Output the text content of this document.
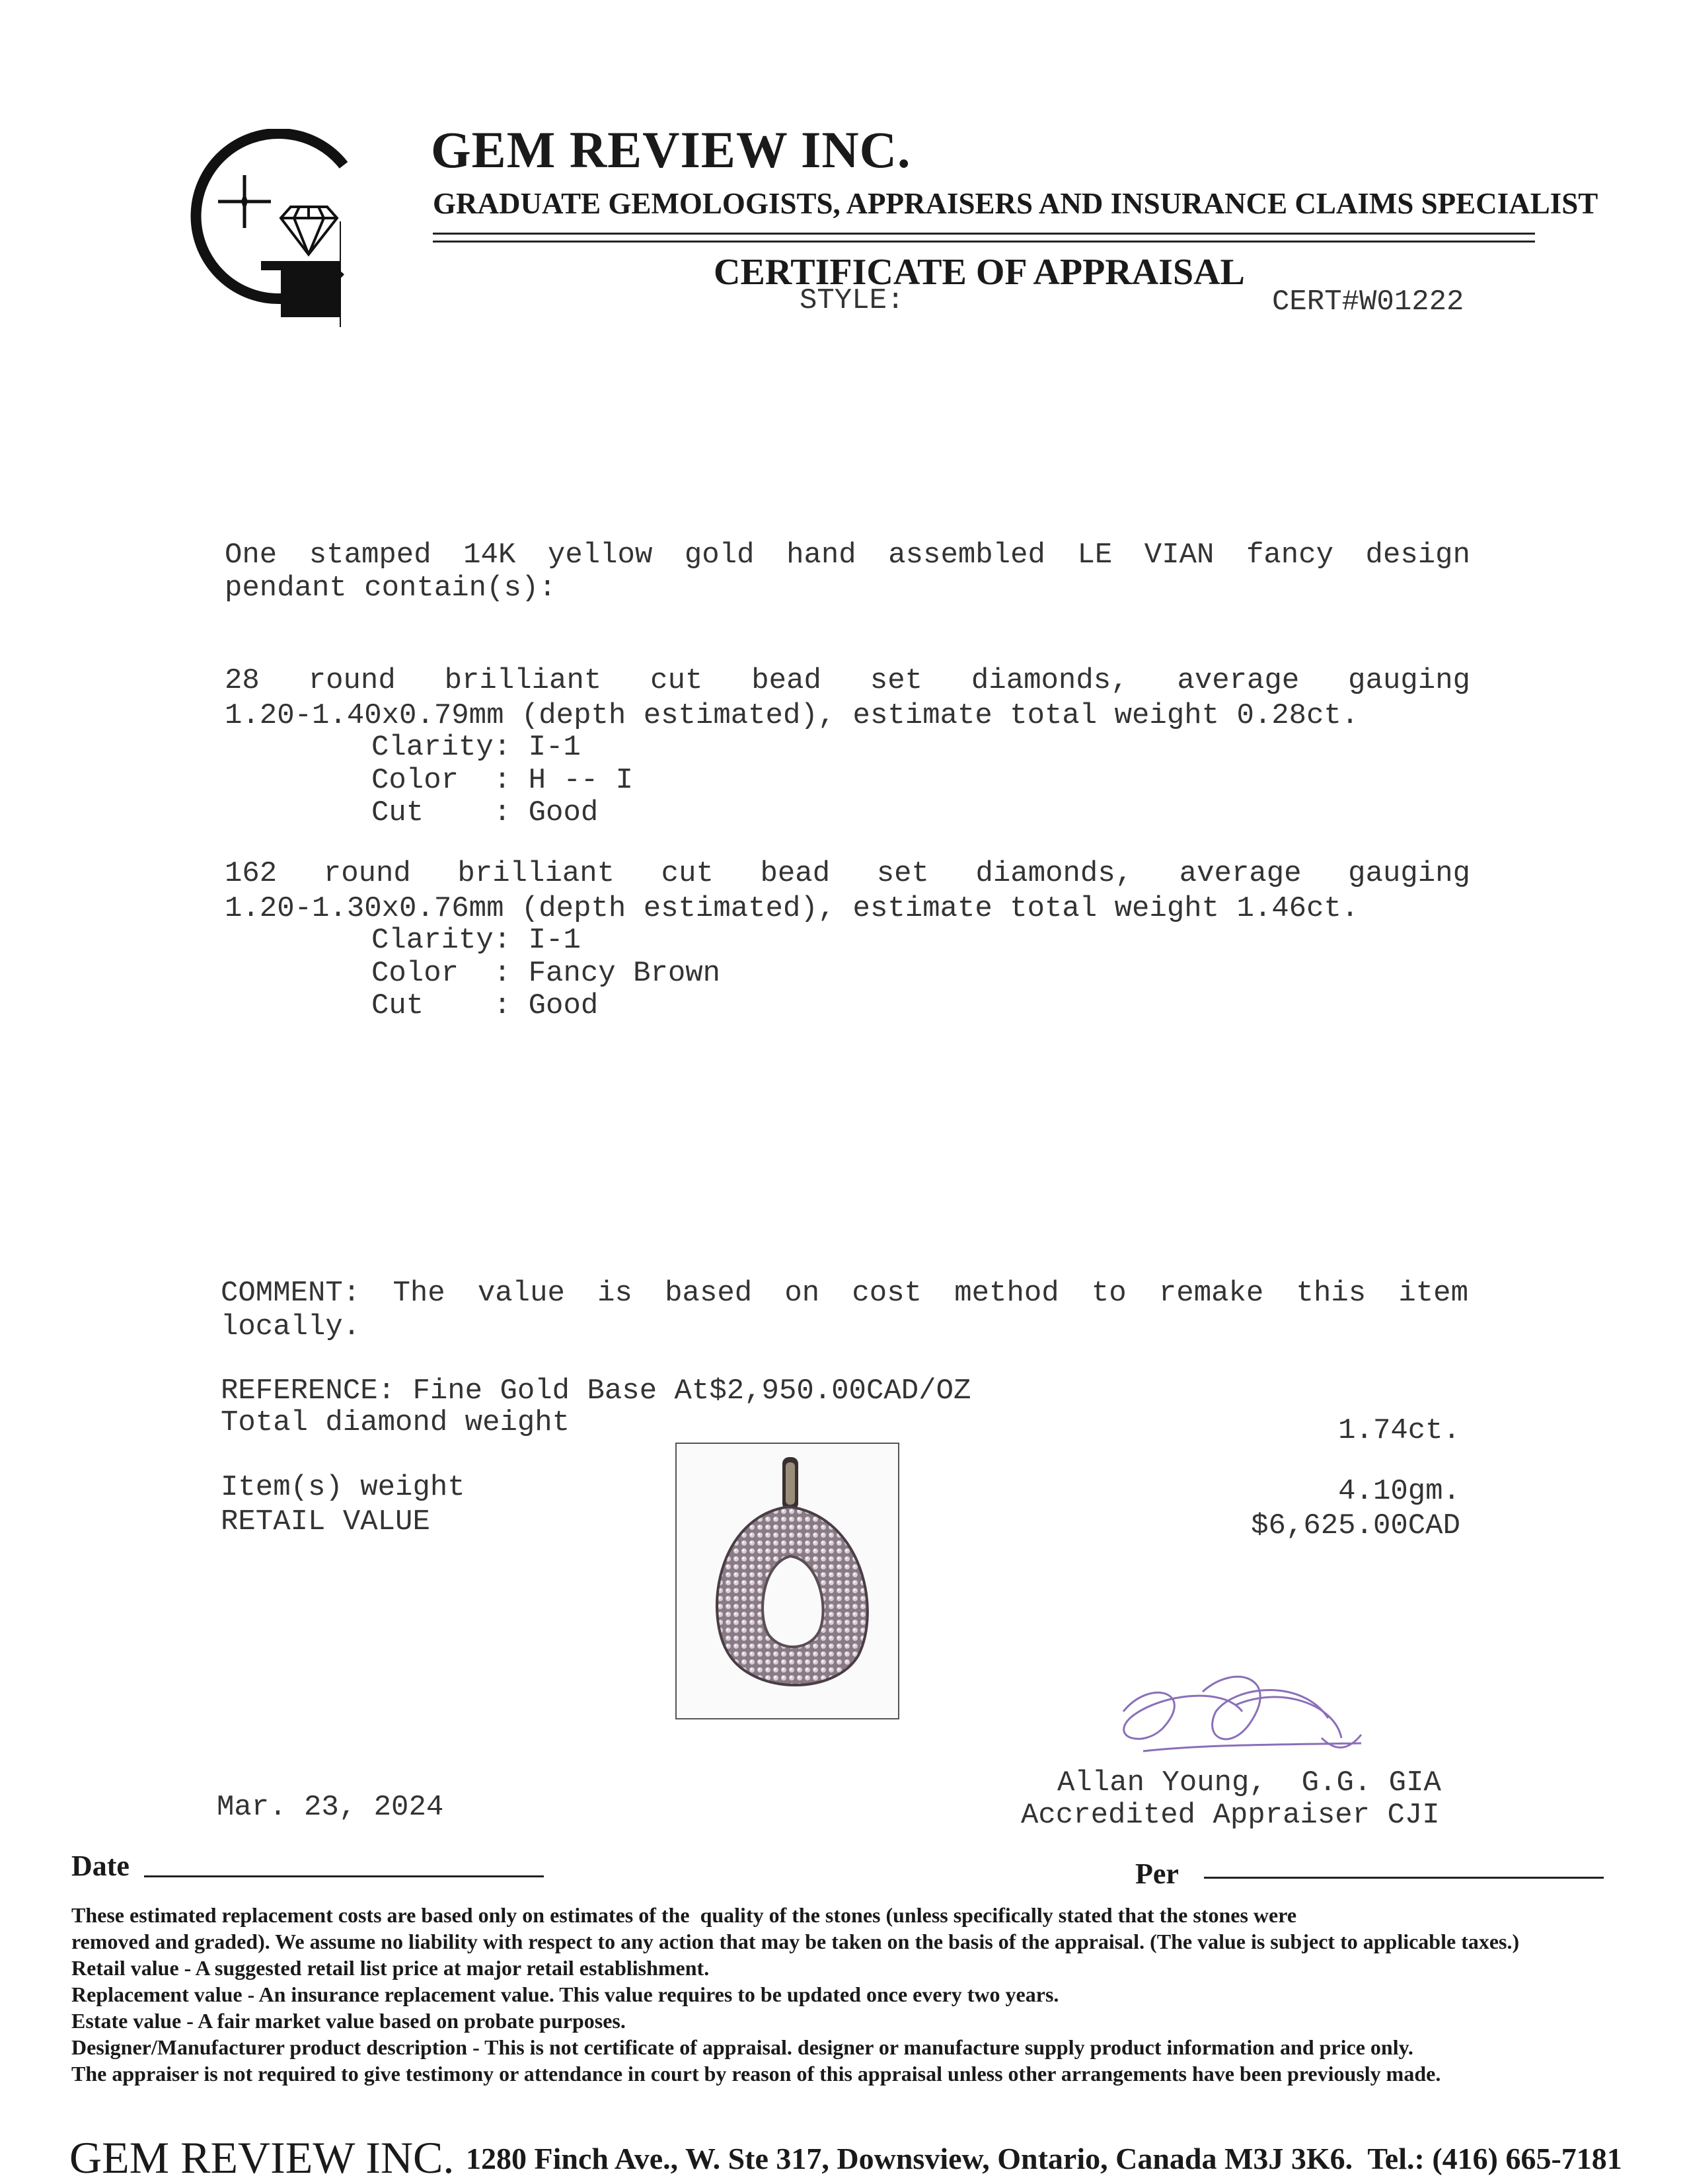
GEM REVIEW INC.
GRADUATE GEMOLOGISTS, APPRAISERS AND INSURANCE CLAIMS SPECIALIST
CERTIFICATE OF APPRAISAL
STYLE:	CERT#W01222
One stamped 14K yellow gold hand assembled LE VIAN fancy design
pendant contain(s):
28 round brilliant cut bead set diamonds, average gauging
1.20-1.40x0.79mm (depth estimated), estimate total weight 0.28ct.
Clarity: I-1
Color  : H -- I
Cut    : Good
162 round brilliant cut bead set diamonds, average gauging
1.20-1.30x0.76mm (depth estimated), estimate total weight 1.46ct.
Clarity: I-1
Color  : Fancy Brown
Cut    : Good
COMMENT: The value is based on cost method to remake this item
locally.
REFERENCE: Fine Gold Base At$2,950.00CAD/OZ
Total diamond weight	1.74ct.
Item(s) weight	4.10gm.
RETAIL VALUE	$6,625.00CAD
Mar. 23, 2024
Allan Young,  G.G. GIA
Accredited Appraiser CJI
Date	Per
These estimated replacement costs are based only on estimates of the  quality of the stones (unless specifically stated that the stones were
removed and graded). We assume no liability with respect to any action that may be taken on the basis of the appraisal. (The value is subject to applicable taxes.)
Retail value - A suggested retail list price at major retail establishment.
Replacement value - An insurance replacement value. This value requires to be updated once every two years.
Estate value - A fair market value based on probate purposes.
Designer/Manufacturer product description - This is not certificate of appraisal. designer or manufacture supply product information and price only.
The appraiser is not required to give testimony or attendance in court by reason of this appraisal unless other arrangements have been previously made.
GEM REVIEW INC. 1280 Finch Ave., W. Ste 317, Downsview, Ontario, Canada M3J 3K6.  Tel.: (416) 665-7181
